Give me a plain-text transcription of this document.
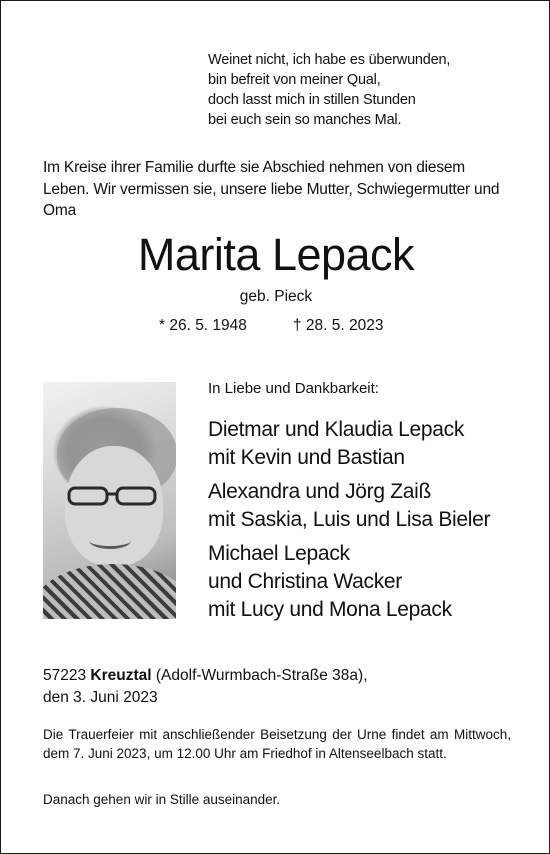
Weinet nicht, ich habe es überwunden,
bin befreit von meiner Qual,
doch lasst mich in stillen Stunden
bei euch sein so manches Mal.
Im Kreise ihrer Familie durfte sie Abschied nehmen von diesem Leben. Wir vermissen sie, unsere liebe Mutter, Schwiegermutter und Oma
Marita Lepack
geb. Pieck
* 26. 5. 1948	† 28. 5. 2023
In Liebe und Dankbarkeit:
Dietmar und Klaudia Lepack
mit Kevin und Bastian
Alexandra und Jörg Zaiß
mit Saskia, Luis und Lisa Bieler
Michael Lepack
und Christina Wacker
mit Lucy und Mona Lepack
57223 Kreuztal (Adolf-Wurmbach-Straße 38a),
den 3. Juni 2023
Die Trauerfeier mit anschließender Beisetzung der Urne findet am Mittwoch, dem 7. Juni 2023, um 12.00 Uhr am Friedhof in Altenseelbach statt.
Danach gehen wir in Stille auseinander.
